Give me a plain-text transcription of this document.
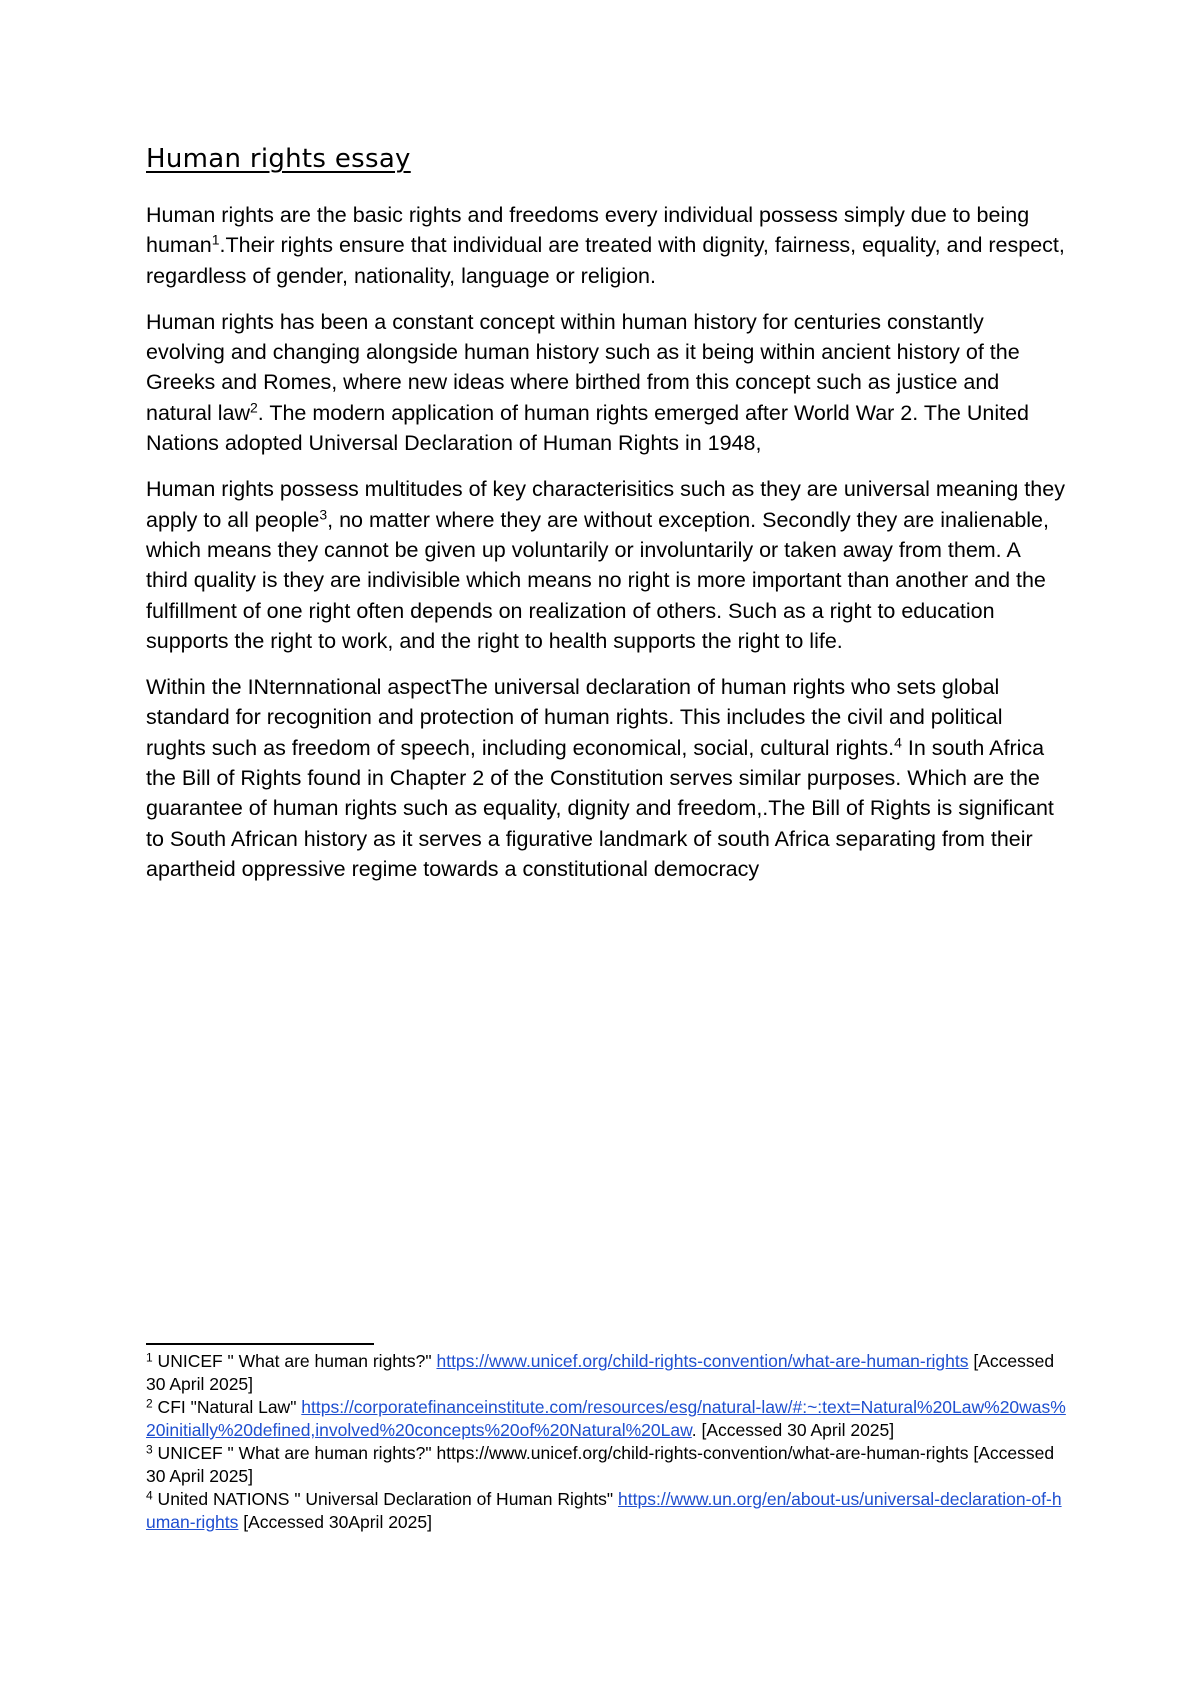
Human rights essay

Human rights are the basic rights and freedoms every individual possess simply due to being human$^1$.Their rights ensure that individual are treated with dignity, fairness, equality, and respect, regardless of gender, nationality, language or religion.

Human rights has been a constant concept within human history for centuries constantly evolving and changing alongside human history such as it being within ancient history of the Greeks and Romes, where new ideas where birthed from this concept such as justice and natural law$^2$. The modern application of human rights emerged after World War 2. The United Nations adopted Universal Declaration of Human Rights in 1948,

Human rights possess multitudes of key characterisitics such as they are universal meaning they apply to all people$^3$, no matter where they are without exception. Secondly they are inalienable, which means they cannot be given up voluntarily or involuntarily or taken away from them. A third quality is they are indivisible which means no right is more important than another and the fulfillment of one right often depends on realization of others. Such as a right to education supports the right to work, and the right to health supports the right to life.

Within the INternnational aspectThe universal declaration of human rights who sets global standard for recognition and protection of human rights. This includes the civil and political rughts such as freedom of speech, including economical, social, cultural rights.$^4$ In south Africa the Bill of Rights found in Chapter 2 of the Constitution serves similar purposes. Which are the guarantee of human rights such as equality, dignity and freedom,.The Bill of Rights is significant to South African history as it serves a figurative landmark of south Africa separating from their apartheid oppressive regime towards a constitutional democracy

$^1$ UNICEF " What are human rights?" https://www.unicef.org/child-rights-convention/what-are-human-rights [Accessed 30 April 2025]

$^2$ CFI "Natural Law" https://corporatefinanceinstitute.com/resources/esg/natural-law/#:~:text=Natural%20Law%20was%20initially%20defined,involved%20concepts%20of%20Natural%20Law. [Accessed 30 April 2025]

$^3$ UNICEF " What are human rights?" https://www.unicef.org/child-rights-convention/what-are-human-rights [Accessed 30 April 2025]

$^4$ United NATIONS " Universal Declaration of Human Rights" https://www.un.org/en/about-us/universal-declaration-of-human-rights [Accessed 30April 2025]
